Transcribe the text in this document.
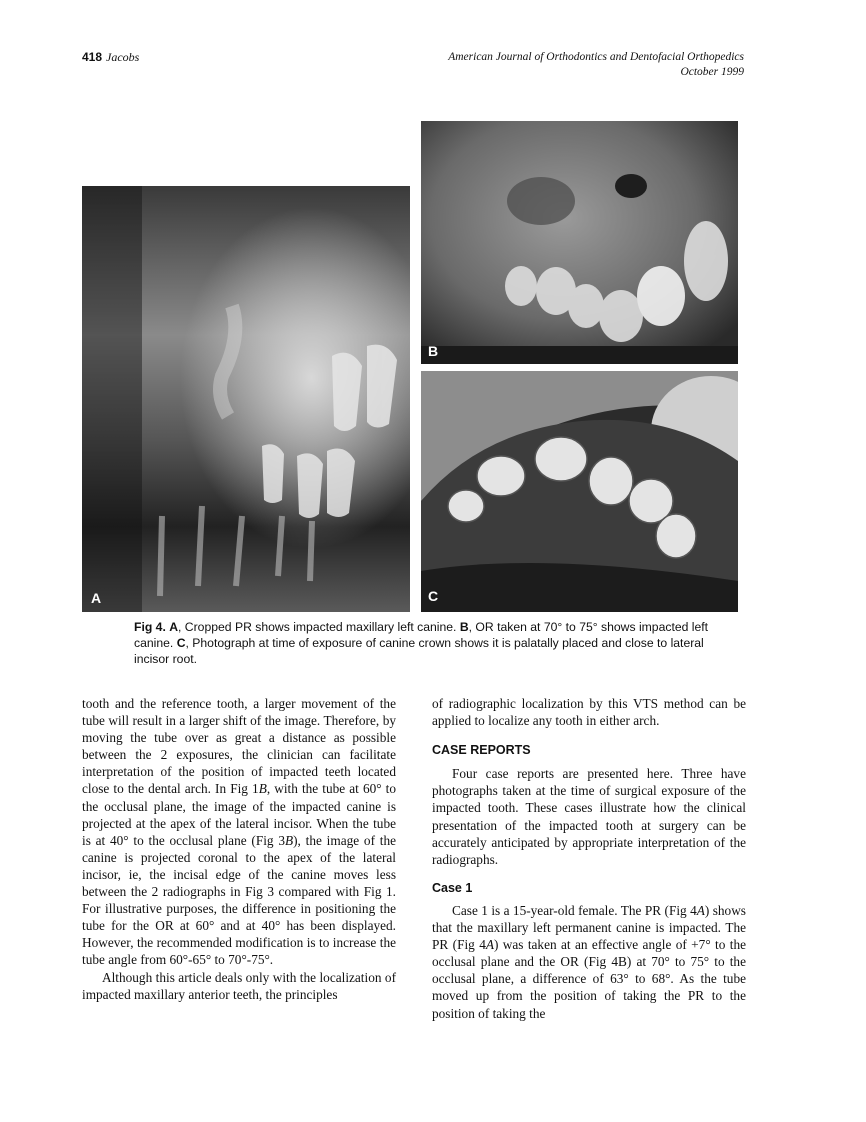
418 Jacobs	American Journal of Orthodontics and Dentofacial Orthopedics
October 1999
A
B
C
Fig 4. A, Cropped PR shows impacted maxillary left canine. B, OR taken at 70° to 75° shows impacted left canine. C, Photograph at time of exposure of canine crown shows it is palatally placed and close to lateral incisor root.

tooth and the reference tooth, a larger movement of the tube will result in a larger shift of the image. Therefore, by moving the tube over as great a distance as possible between the 2 exposures, the clinician can facilitate interpretation of the position of impacted teeth located close to the dental arch. In Fig 1B, with the tube at 60° to the occlusal plane, the image of the impacted canine is projected at the apex of the lateral incisor. When the tube is at 40° to the occlusal plane (Fig 3B), the image of the canine is projected coronal to the apex of the lateral incisor, ie, the incisal edge of the canine moves less between the 2 radiographs in Fig 3 compared with Fig 1. For illustrative purposes, the difference in positioning the tube for the OR at 60° and at 40° has been displayed. However, the recommended modification is to increase the tube angle from 60°-65° to 70°-75°.

Although this article deals only with the localization of impacted maxillary anterior teeth, the principles

of radiographic localization by this VTS method can be applied to localize any tooth in either arch.

CASE REPORTS

Four case reports are presented here. Three have photographs taken at the time of surgical exposure of the impacted tooth. These cases illustrate how the clinical presentation of the impacted tooth at surgery can be accurately anticipated by appropriate interpretation of the radiographs.

Case 1

Case 1 is a 15-year-old female. The PR (Fig 4A) shows that the maxillary left permanent canine is impacted. The PR (Fig 4A) was taken at an effective angle of +7° to the occlusal plane and the OR (Fig 4B) at 70° to 75° to the occlusal plane, a difference of 63° to 68°. As the tube moved up from the position of taking the PR to the position of taking the
